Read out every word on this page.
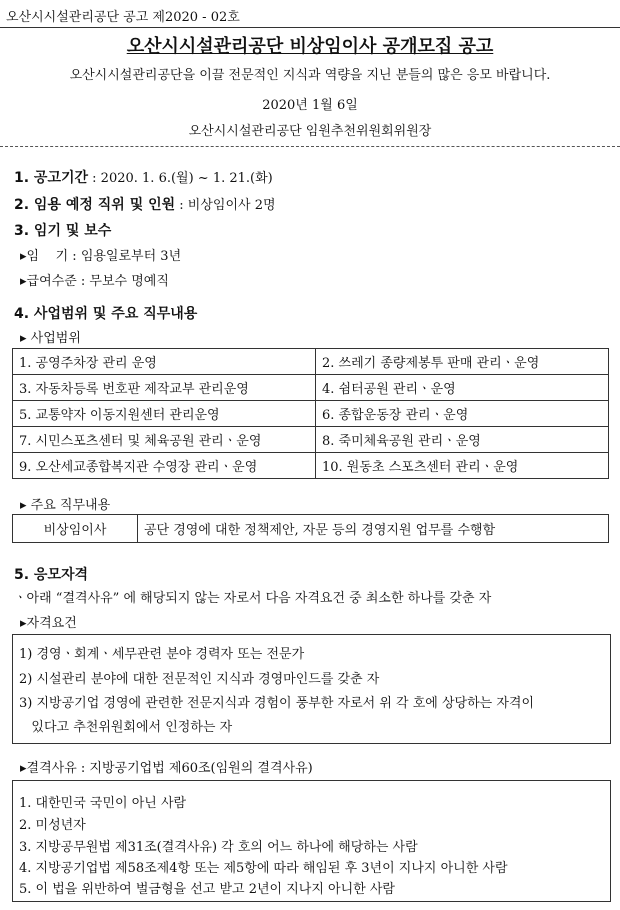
오산시시설관리공단 공고 제2020 - 02호
오산시시설관리공단 비상임이사 공개모집 공고
오산시시설관리공단을 이끌 전문적인 지식과 역량을 지닌 분들의 많은 응모 바랍니다.
2020년 1월 6일
오산시시설관리공단 임원추천위원회위원장
1. 공고기간 : 2020. 1. 6.(월) ~ 1. 21.(화)
2. 임용 예정 직위 및 인원 : 비상임이사 2명
3. 임기 및 보수
▸임    기 : 임용일로부터 3년
▸급여수준 : 무보수 명예직
4. 사업범위 및 주요 직무내용
▸ 사업범위
1. 공영주차장 관리 운영	2. 쓰레기 종량제봉투 판매 관리ㆍ운영
3. 자동차등록 번호판 제작교부 관리운영	4. 쉼터공원 관리ㆍ운영
5. 교통약자 이동지원센터 관리운영	6. 종합운동장 관리ㆍ운영
7. 시민스포츠센터 및 체육공원 관리ㆍ운영	8. 죽미체육공원 관리ㆍ운영
9. 오산세교종합복지관 수영장 관리ㆍ운영	10. 원동초 스포츠센터 관리ㆍ운영
▸ 주요 직무내용
비상임이사	공단 경영에 대한 정책제안, 자문 등의 경영지원 업무를 수행함
5. 응모자격
ㆍ아래 “결격사유” 에 해당되지 않는 자로서 다음 자격요건 중 최소한 하나를 갖춘 자
▸자격요건
1) 경영ㆍ회계ㆍ세무관련 분야 경력자 또는 전문가
2) 시설관리 분야에 대한 전문적인 지식과 경영마인드를 갖춘 자
3) 지방공기업 경영에 관련한 전문지식과 경험이 풍부한 자로서 위 각 호에 상당하는 자격이
있다고 추천위원회에서 인정하는 자
▸결격사유 : 지방공기업법 제60조(임원의 결격사유)
1. 대한민국 국민이 아닌 사람
2. 미성년자
3. 지방공무원법 제31조(결격사유) 각 호의 어느 하나에 해당하는 사람
4. 지방공기업법 제58조제4항 또는 제5항에 따라 해임된 후 3년이 지나지 아니한 사람
5. 이 법을 위반하여 벌금형을 선고 받고 2년이 지나지 아니한 사람
